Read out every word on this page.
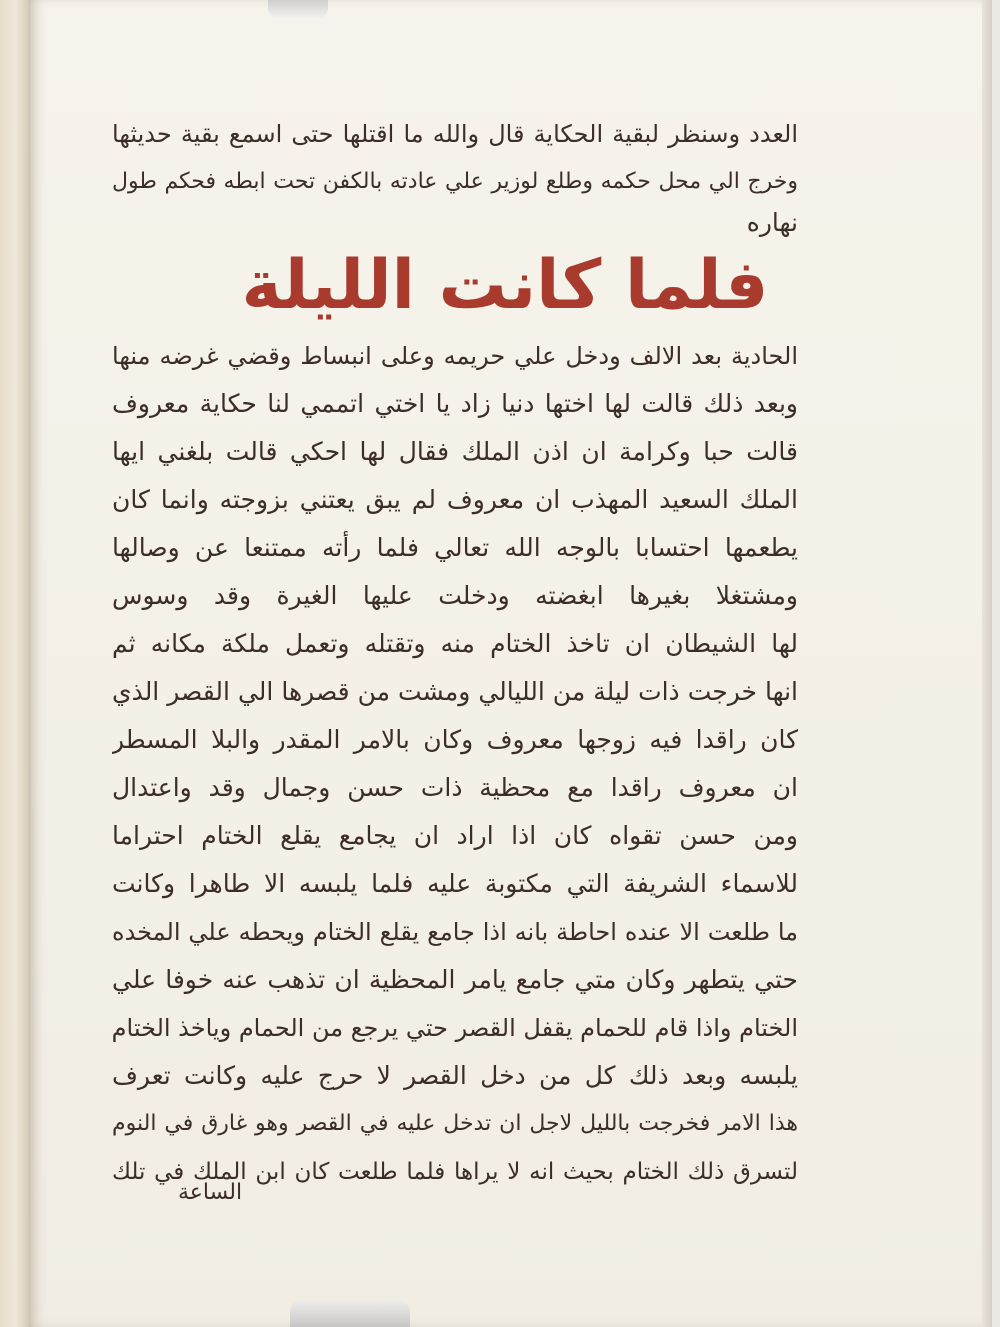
العدد وسنظر لبقية الحكاية قال والله ما اقتلها حتى اسمع بقية حديثها
وخرج الي محل حكمه وطلع لوزير علي عادته بالكفن تحت ابطه فحكم طول
نهاره
فلما كانت الليلة
الحادية بعد الالف ودخل علي حريمه وعلى انبساط وقضي غرضه منها
وبعد ذلك قالت لها اختها دنيا زاد يا اختي اتممي لنا حكاية معروف
قالت حبا وكرامة ان اذن الملك فقال لها احكي قالت بلغني ايها
الملك السعيد المهذب ان معروف لم يبق يعتني بزوجته وانما كان
يطعمها احتسابا بالوجه الله تعالي فلما رأته ممتنعا عن وصالها
ومشتغلا بغيرها ابغضته ودخلت عليها الغيرة وقد وسوس
لها الشيطان ان تاخذ الختام منه وتقتله وتعمل ملكة مكانه ثم
انها خرجت ذات ليلة من الليالي ومشت من قصرها الي القصر الذي
كان راقدا فيه زوجها معروف وكان بالامر المقدر والبلا المسطر
ان معروف راقدا مع محظية ذات حسن وجمال وقد واعتدال
ومن حسن تقواه كان اذا اراد ان يجامع يقلع الختام احتراما
للاسماء الشريفة التي مكتوبة عليه فلما يلبسه الا طاهرا وكانت
ما طلعت الا عنده احاطة بانه اذا جامع يقلع الختام ويحطه علي المخده
حتي يتطهر وكان متي جامع يامر المحظية ان تذهب عنه خوفا علي
الختام واذا قام للحمام يقفل القصر حتي يرجع من الحمام وياخذ الختام
يلبسه وبعد ذلك كل من دخل القصر لا حرج عليه وكانت تعرف
هذا الامر فخرجت بالليل لاجل ان تدخل عليه في القصر وهو غارق في النوم
لتسرق ذلك الختام بحيث انه لا يراها فلما طلعت كان ابن الملك في تلك
الساعة
